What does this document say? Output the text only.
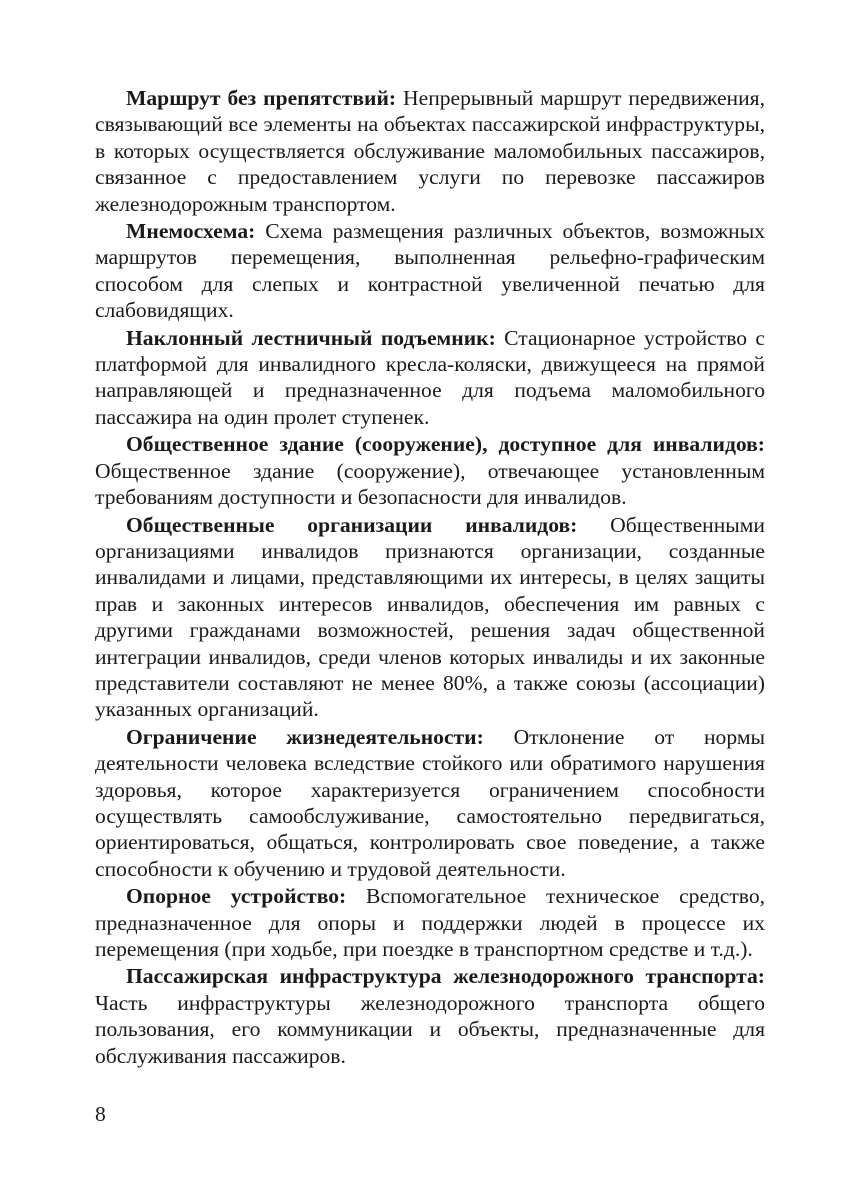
Маршрут без препятствий: Непрерывный маршрут передвижения, связывающий все элементы на объектах пассажирской инфраструктуры, в которых осуществляется обслуживание маломобильных пассажиров, связанное с предоставлением услуги по перевозке пассажиров железнодорожным транспортом.

Мнемосхема: Схема размещения различных объектов, возможных маршрутов перемещения, выполненная рельефно-графическим способом для слепых и контрастной увеличенной печатью для слабовидящих.

Наклонный лестничный подъемник: Стационарное устройство с платформой для инвалидного кресла-коляски, движущееся на прямой направляющей и предназначенное для подъема маломобильного пассажира на один пролет ступенек.

Общественное здание (сооружение), доступное для инвалидов: Общественное здание (сооружение), отвечающее установленным требованиям доступности и безопасности для инвалидов.

Общественные организации инвалидов: Общественными организациями инвалидов признаются организации, созданные инвалидами и лицами, представляющими их интересы, в целях защиты прав и законных интересов инвалидов, обеспечения им равных с другими гражданами возможностей, решения задач общественной интеграции инвалидов, среди членов которых инвалиды и их законные представители составляют не менее 80%, а также союзы (ассоциации) указанных организаций.

Ограничение жизнедеятельности: Отклонение от нормы деятельности человека вследствие стойкого или обратимого нарушения здоровья, которое характеризуется ограничением способности осуществлять самообслуживание, самостоятельно передвигаться, ориентироваться, общаться, контролировать свое поведение, а также способности к обучению и трудовой деятельности.

Опорное устройство: Вспомогательное техническое средство, предназначенное для опоры и поддержки людей в процессе их перемещения (при ходьбе, при поездке в транспортном средстве и т.д.).

Пассажирская инфраструктура железнодорожного транспорта: Часть инфраструктуры железнодорожного транспорта общего пользования, его коммуникации и объекты, предназначенные для обслуживания пассажиров.

8
